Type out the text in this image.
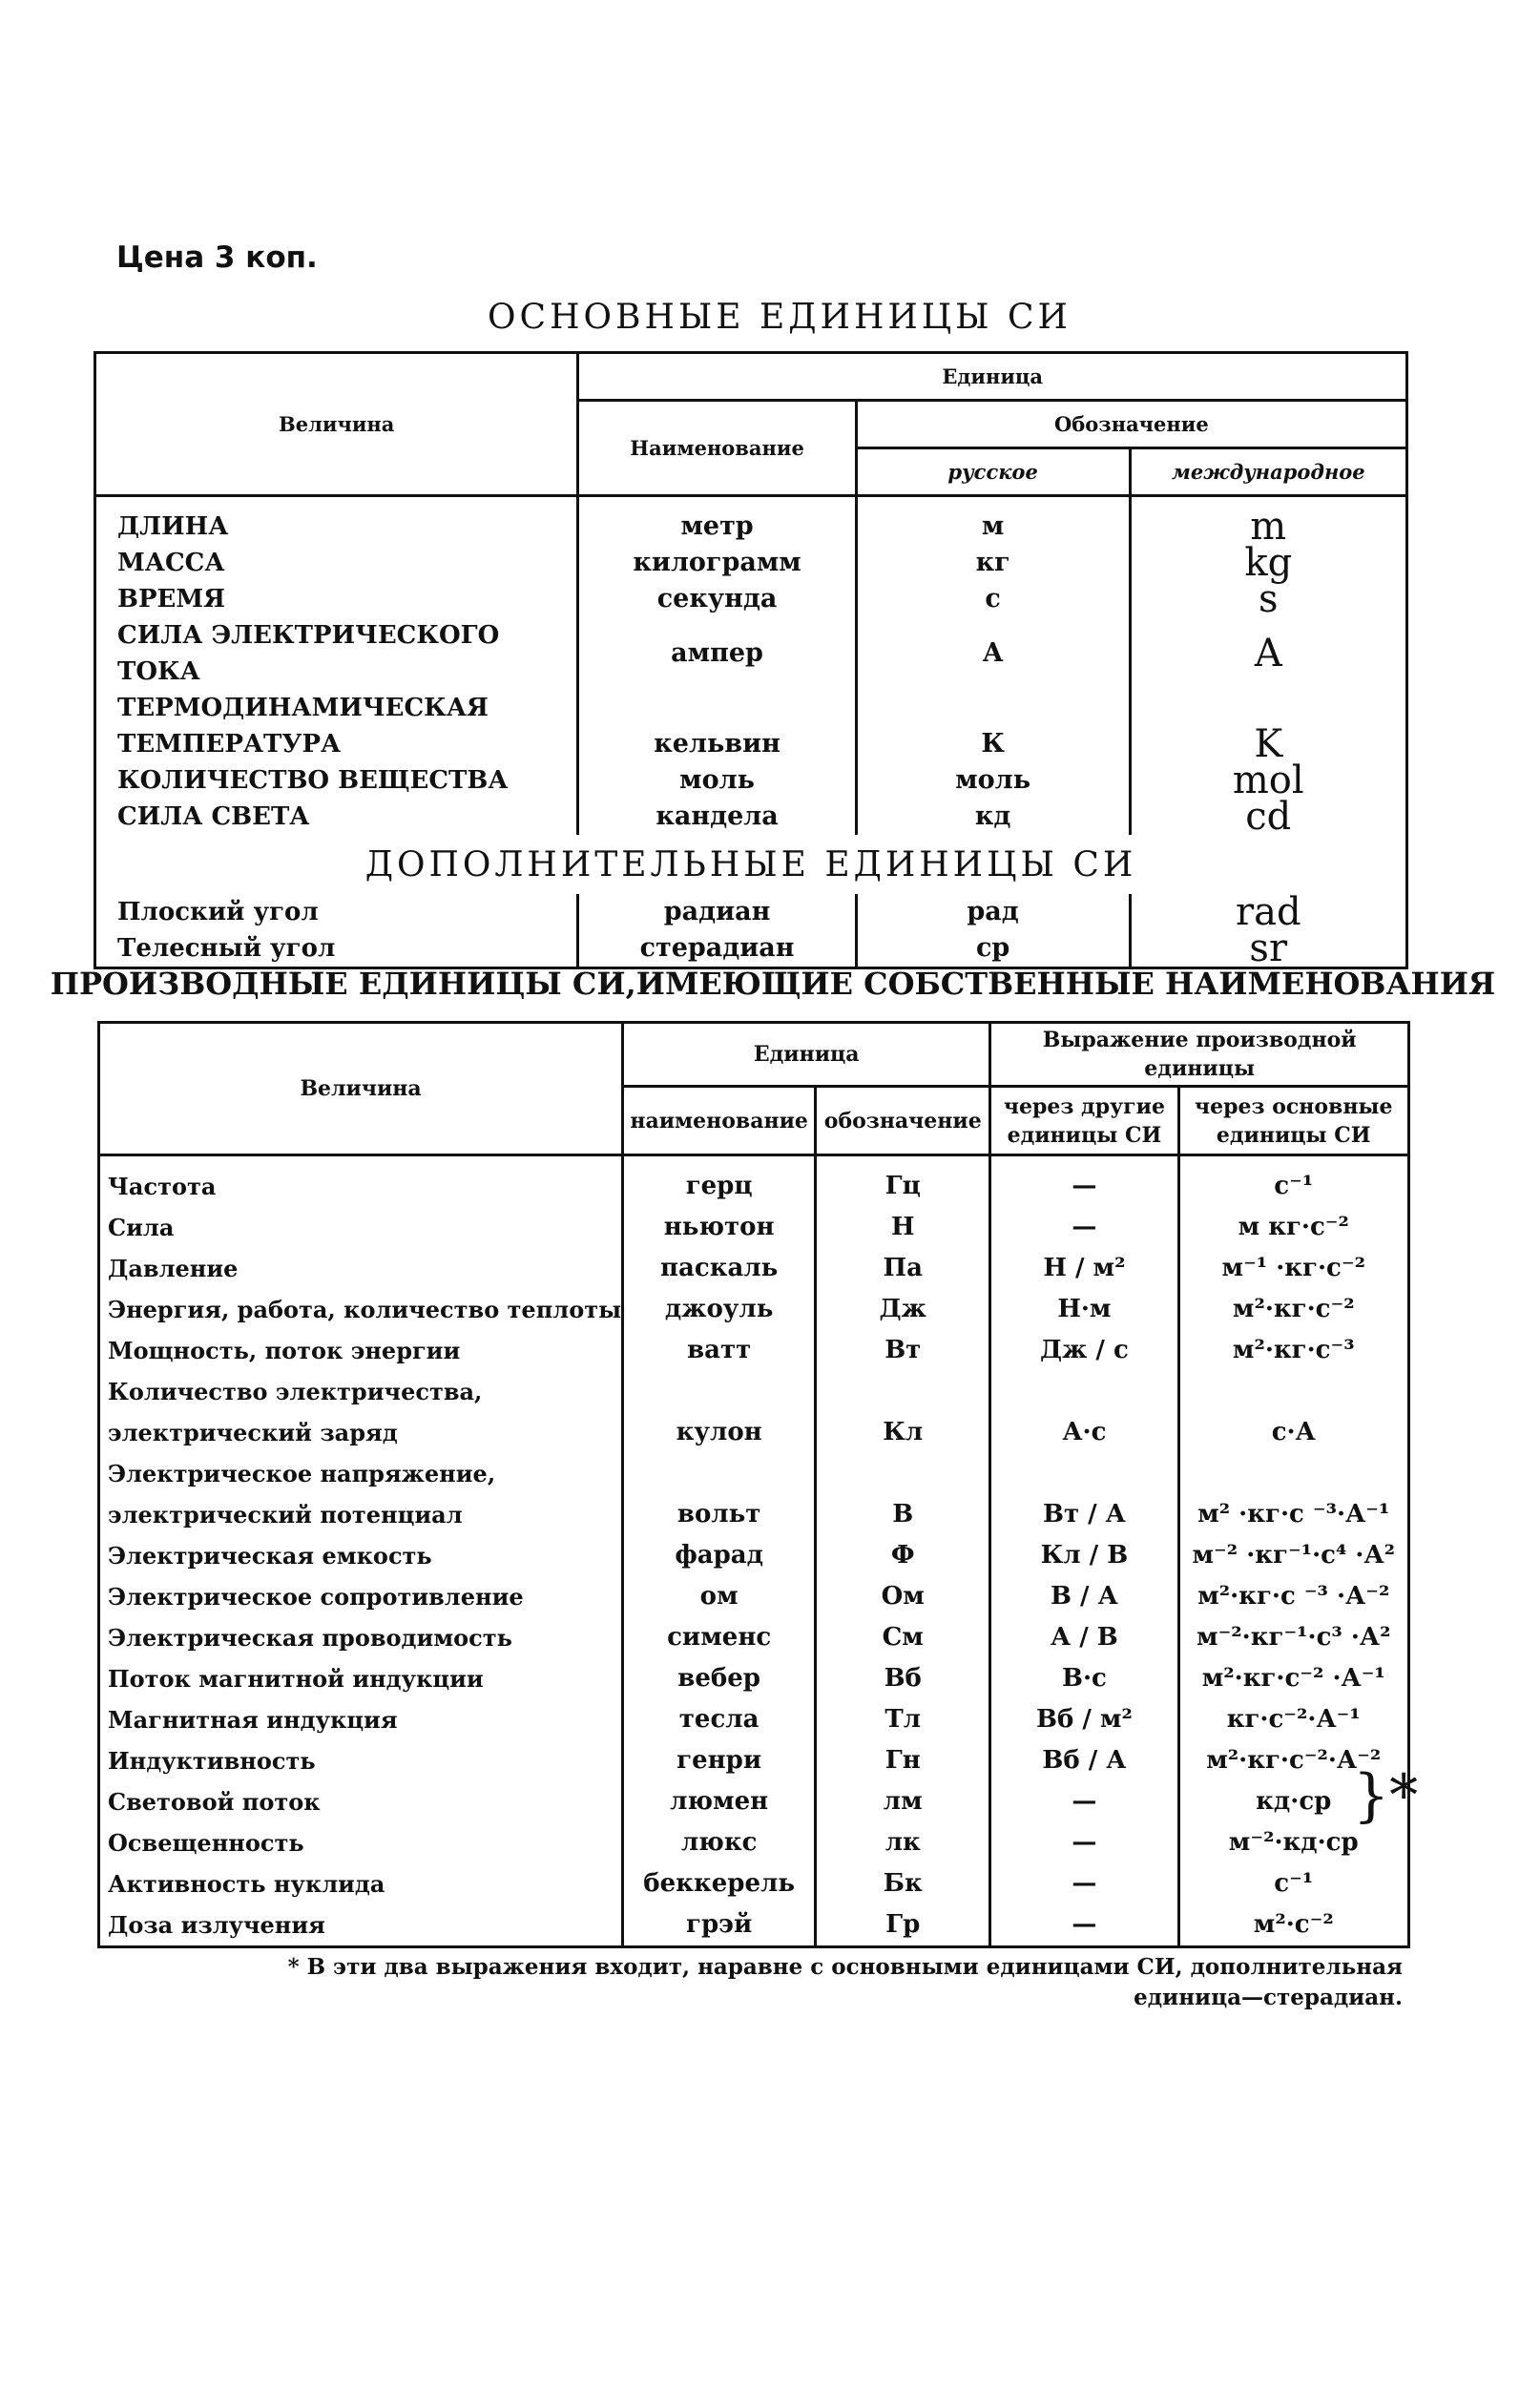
Цена 3 коп.
ОСНОВНЫЕ ЕДИНИЦЫ СИ
Величина	Единица		
	Наименование	Обозначение	
		русское	международное
ДЛИНА	метр	м	m
МАССА	килограмм	кг	kg
ВРЕМЯ	секунда	с	s
СИЛА ЭЛЕКТРИЧЕСКОГО ТОКА	ампер	А	A
ТЕРМОДИНАМИЧЕСКАЯ			
ТЕМПЕРАТУРА	кельвин	К	K
КОЛИЧЕСТВО ВЕЩЕСТВА	моль	моль	mol
СИЛА СВЕТА	кандела	кд	cd
ДОПОЛНИТЕЛЬНЫЕ ЕДИНИЦЫ СИ			
Плоский угол	радиан	рад	rad
Телесный угол	стерадиан	ср	sr
ПРОИЗВОДНЫЕ ЕДИНИЦЫ СИ,ИМЕЮЩИЕ СОБСТВЕННЫЕ НАИМЕНОВАНИЯ
Величина	Единица		Выражение производной единицы	
	наименование	обозначение	через другие единицы СИ	через основные единицы СИ
Частота	герц	Гц	—	с⁻¹
Сила	ньютон	Н	—	м кг·с⁻²
Давление	паскаль	Па	Н / м²	м⁻¹ ·кг·с⁻²
Энергия, работа, количество теплоты	джоуль	Дж	Н·м	м²·кг·с⁻²
Мощность, поток энергии	ватт	Вт	Дж / с	м²·кг·с⁻³
Количество электричества,				
электрический заряд	кулон	Кл	А·с	с·А
Электрическое напряжение,				
электрический потенциал	вольт	В	Вт / А	м² ·кг·с ⁻³·А⁻¹
Электрическая емкость	фарад	Ф	Кл / В	м⁻² ·кг⁻¹·с⁴ ·А²
Электрическое сопротивление	ом	Ом	В / А	м²·кг·с ⁻³ ·А⁻²
Электрическая проводимость	сименс	См	А / В	м⁻²·кг⁻¹·с³ ·А²
Поток магнитной индукции	вебер	Вб	В·с	м²·кг·с⁻² ·А⁻¹
Магнитная индукция	тесла	Тл	Вб / м²	кг·с⁻²·А⁻¹
Индуктивность	генри	Гн	Вб / А	м²·кг·с⁻²·А⁻²
Световой поток	люмен	лм	—	кд·ср
Освещенность	люкс	лк	—	м⁻²·кд·ср
Активность нуклида	беккерель	Бк	—	с⁻¹
Доза излучения	грэй	Гр	—	м²·с⁻²
}*
* В эти два выражения входит, наравне с основными единицами СИ, дополнительная
единица—стерадиан.
